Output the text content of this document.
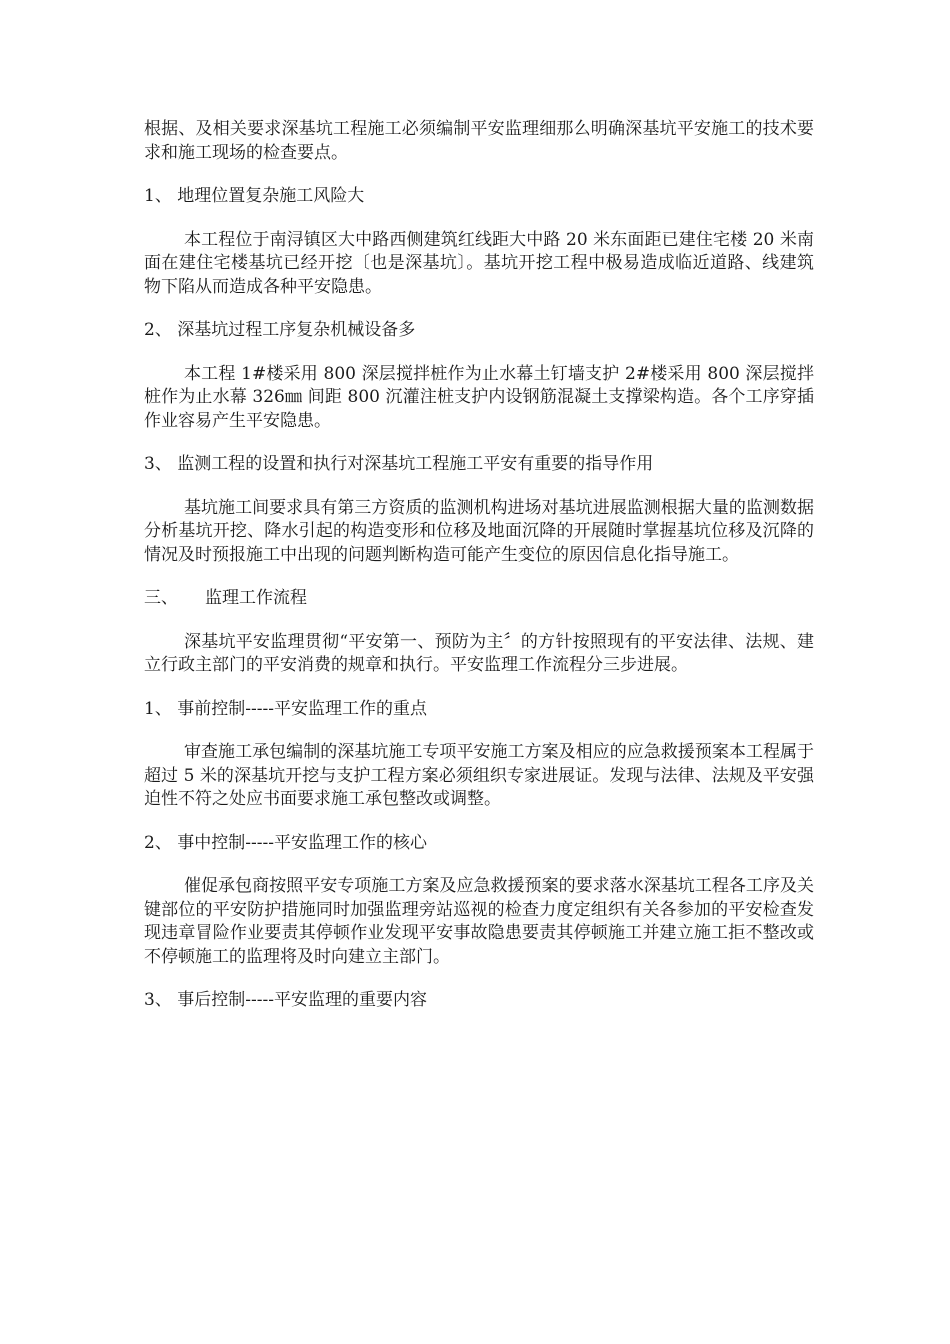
根据、及相关要求深基坑工程施工必须编制平安监理细那么明确深基坑平安施工的技术要求和施工现场的检查要点。

1、 地理位置复杂施工风险大

本工程位于南浔镇区大中路西侧建筑红线距大中路 20 米东面距已建住宅楼 20 米南面在建住宅楼基坑已经开挖〔也是深基坑〕。基坑开挖工程中极易造成临近道路、线建筑物下陷从而造成各种平安隐患。

2、 深基坑过程工序复杂机械设备多

本工程 1#楼采用 800 深层搅拌桩作为止水幕土钉墙支护 2#楼采用 800 深层搅拌桩作为止水幕 326㎜ 间距 800 沉灌注桩支护内设钢筋混凝土支撑梁构造。各个工序穿插作业容易产生平安隐患。

3、 监测工程的设置和执行对深基坑工程施工平安有重要的指导作用

基坑施工间要求具有第三方资质的监测机构进场对基坑进展监测根据大量的监测数据分析基坑开挖、降水引起的构造变形和位移及地面沉降的开展随时掌握基坑位移及沉降的情况及时预报施工中出现的问题判断构造可能产生变位的原因信息化指导施工。

三、     监理工作流程

深基坑平安监理贯彻“平安第一、预防为主〞的方针按照现有的平安法律、法规、建立行政主部门的平安消费的规章和执行。平安监理工作流程分三步进展。

1、 事前控制-----平安监理工作的重点

审查施工承包编制的深基坑施工专项平安施工方案及相应的应急救援预案本工程属于超过 5 米的深基坑开挖与支护工程方案必须组织专家进展证。发现与法律、法规及平安强迫性不符之处应书面要求施工承包整改或调整。

2、 事中控制-----平安监理工作的核心

催促承包商按照平安专项施工方案及应急救援预案的要求落水深基坑工程各工序及关键部位的平安防护措施同时加强监理旁站巡视的检查力度定组织有关各参加的平安检查发现违章冒险作业要责其停顿作业发现平安事故隐患要责其停顿施工并建立施工拒不整改或不停顿施工的监理将及时向建立主部门。

3、 事后控制-----平安监理的重要内容
